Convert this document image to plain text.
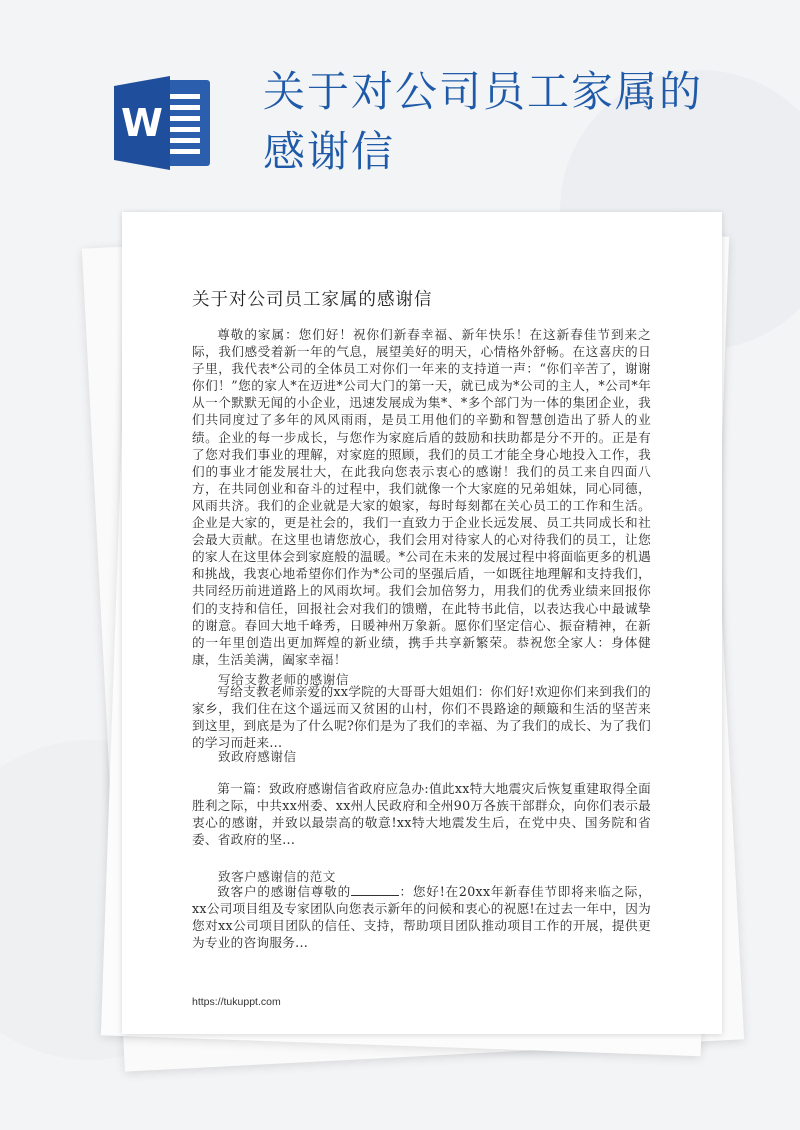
W
关于对公司员工家属的
感谢信
关于对公司员工家属的感谢信

尊敬的家属：您们好！祝你们新春幸福、新年快乐！在这新春佳节到来之际，我们感受着新一年的气息，展望美好的明天，心情格外舒畅。在这喜庆的日子里，我代表*公司的全体员工对你们一年来的支持道一声：“你们辛苦了，谢谢你们！”您的家人*在迈进*公司大门的第一天，就已成为*公司的主人，*公司*年从一个默默无闻的小企业，迅速发展成为集*、*多个部门为一体的集团企业，我们共同度过了多年的风风雨雨，是员工用他们的辛勤和智慧创造出了骄人的业绩。企业的每一步成长，与您作为家庭后盾的鼓励和扶助都是分不开的。正是有了您对我们事业的理解，对家庭的照顾，我们的员工才能全身心地投入工作，我们的事业才能发展壮大，在此我向您表示衷心的感谢！我们的员工来自四面八方，在共同创业和奋斗的过程中，我们就像一个大家庭的兄弟姐妹，同心同德，风雨共济。我们的企业就是大家的娘家，每时每刻都在关心员工的工作和生活。企业是大家的，更是社会的，我们一直致力于企业长远发展、员工共同成长和社会最大贡献。在这里也请您放心，我们会用对待家人的心对待我们的员工，让您的家人在这里体会到家庭般的温暖。*公司在未来的发展过程中将面临更多的机遇和挑战，我衷心地希望你们作为*公司的坚强后盾，一如既往地理解和支持我们，共同经历前进道路上的风雨坎坷。我们会加倍努力，用我们的优秀业绩来回报你们的支持和信任，回报社会对我们的馈赠，在此特书此信，以表达我心中最诚挚的谢意。春回大地千峰秀，日暖神州万象新。愿你们坚定信心、振奋精神，在新的一年里创造出更加辉煌的新业绩，携手共享新繁荣。恭祝您全家人：身体健康，生活美满，阖家幸福！

写给支教老师的感谢信

写给支教老师亲爱的xx学院的大哥哥大姐姐们：你们好!欢迎你们来到我们的家乡，我们住在这个遥远而又贫困的山村，你们不畏路途的颠簸和生活的坚苦来到这里，到底是为了什么呢?你们是为了我们的幸福、为了我们的成长、为了我们的学习而赶来...

致政府感谢信

第一篇：致政府感谢信省政府应急办:值此xx特大地震灾后恢复重建取得全面胜利之际，中共xx州委、xx州人民政府和全州90万各族干部群众，向你们表示最衷心的感谢，并致以最崇高的敬意!xx特大地震发生后，在党中央、国务院和省委、省政府的坚...

致客户感谢信的范文

致客户的感谢信尊敬的	：您好!在20xx年新春佳节即将来临之际，xx公司项目组及专家团队向您表示新年的问候和衷心的祝愿!在过去一年中，因为您对xx公司项目团队的信任、支持，帮助项目团队推动项目工作的开展，提供更为专业的咨询服务...

https://tukuppt.com
